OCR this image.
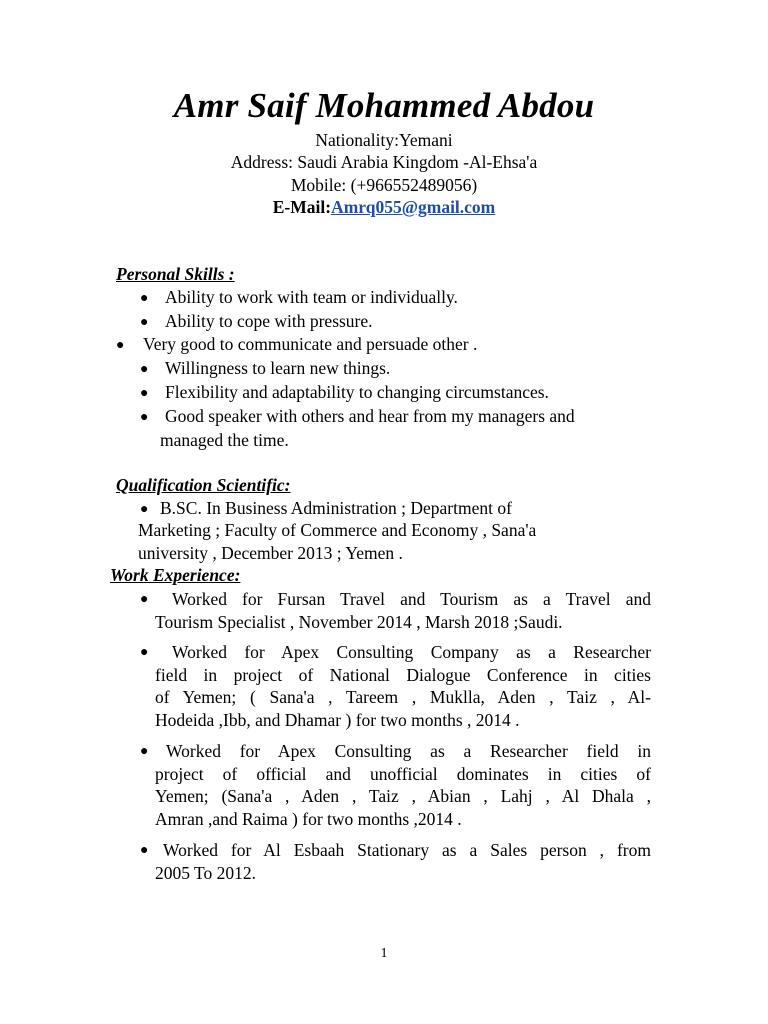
Amr Saif Mohammed Abdou
Nationality:Yemani
Address: Saudi Arabia Kingdom -Al-Ehsa'a
Mobile: (+966552489056)
E-Mail:Amrq055@gmail.com
Personal Skills :
● Ability to work with team or individually.
● Ability to cope with pressure.
● Very good to communicate and persuade other .
● Willingness to learn new things.
● Flexibility and adaptability to changing circumstances.
● Good speaker with others and hear from my managers and
managed the time.
Qualification Scientific:
● B.SC. In Business Administration ; Department of
Marketing ; Faculty of Commerce and Economy , Sana'a
university , December 2013 ; Yemen .
Work Experience:
●	Worked for Fursan Travel and Tourism as a Travel and
Tourism Specialist , November 2014 , Marsh 2018 ;Saudi.
●	Worked for Apex Consulting Company as a Researcher
field in project of National Dialogue Conference in cities
of Yemen; ( Sana'a , Tareem , Muklla, Aden , Taiz , Al-
Hodeida ,Ibb, and Dhamar ) for two months , 2014 .
●	Worked for Apex Consulting as a Researcher field in
project of official and unofficial dominates in cities of
Yemen; (Sana'a , Aden , Taiz , Abian , Lahj , Al Dhala ,
Amran ,and Raima ) for two months ,2014 .
● Worked for Al Esbaah Stationary as a Sales person , from
2005 To 2012.
1
